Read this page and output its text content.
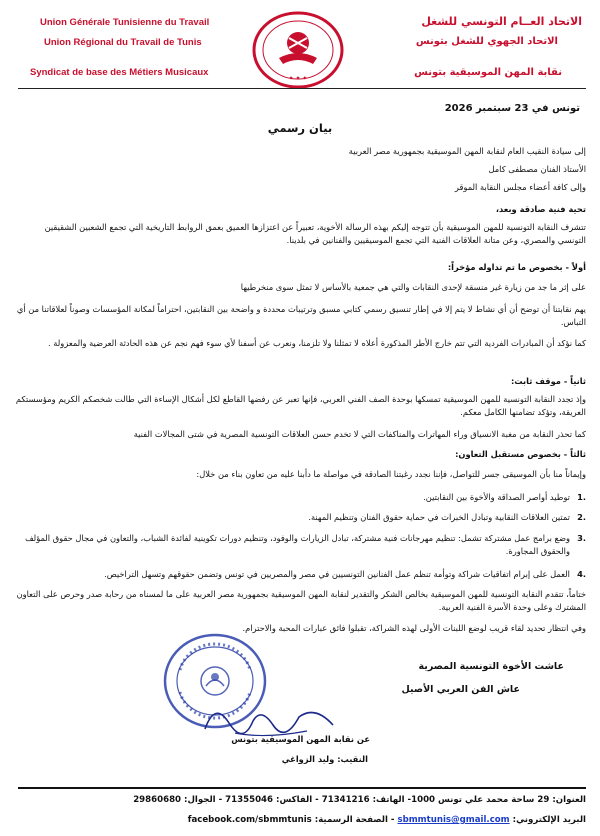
Union Générale Tunisienne du Travail
Union Régional du Travail de Tunis
Syndicat de base des Métiers Musicaux
الاتحاد العــام التونسي للشغل
الاتحاد الجهوي للشغل بتونس
نقابة المهن الموسيقية بتونس
✦ ✦ ✦
تونس في 23 سبتمبر 2026
بيان رسمي
إلى سيادة النقيب العام لنقابة المهن الموسيقية بجمهورية مصر العربية
الأستاذ الفنان مصطفى كامل
وإلى كافة أعضاء مجلس النقابة الموقر
تحية فنية صادقة وبعد،
تتشرف النقابة التونسية للمهن الموسيقية بأن تتوجه إليكم بهذه الرسالة الأخوية، تعبيراً عن اعتزازها العميق بعمق الروابط التاريخية التي تجمع الشعبين الشقيقين التونسي والمصري، وعن متانة العلاقات الفنية التي تجمع الموسيقيين والفنانين في بلدينا.
أولاً - بخصوص ما تم تداوله مؤخراً:
على إثر ما جد من زيارة غير منسقة لإحدى النقابات والتي هي جمعية بالأساس لا تمثل سوى منخرطيها
يهم نقابتنا أن توضح أن أي نشاط لا يتم إلا في إطار تنسيق رسمي كتابي مسبق وترتيبات محددة و واضحة بين النقابتين، احتراماً لمكانة المؤسسات وصوناً لعلاقاتنا من أي التباس.
كما نؤكد أن المبادرات الفردية التي تتم خارج الأطر المذكورة أعلاه لا تمثلنا ولا تلزمنا، ونعرب عن أسفنا لأي سوء فهم نجم عن هذه الحادثة العرضية والمعزولة .
ثانياً - موقف ثابت:
وإذ تجدد النقابة التونسية للمهن الموسيقية تمسكها بوحدة الصف الفني العربي، فإنها تعبر عن رفضها القاطع لكل أشكال الإساءة التي طالت شخصكم الكريم ومؤسستكم العريقة، وتؤكد تضامنها الكامل معكم.
كما تحذر النقابة من مغبة الانسياق وراء المهاترات والمناكفات التي لا تخدم حسن العلاقات التونسية المصرية في شتى المجالات الفنية
ثالثاً - بخصوص مستقبل التعاون:
وإيماناً منا بأن الموسيقى جسر للتواصل، فإننا نجدد رغبتنا الصادقة في مواصلة ما دأبنا عليه من تعاون بناء من خلال:
1.
توطيد أواصر الصداقة والأخوة بين النقابتين.
2.
تمتين العلاقات النقابية وتبادل الخبرات في حماية حقوق الفنان وتنظيم المهنة.
3.
وضع برامج عمل مشتركة تشمل: تنظيم مهرجانات فنية مشتركة، تبادل الزيارات والوفود، وتنظيم دورات تكوينية لفائدة الشباب، والتعاون في مجال حقوق المؤلف والحقوق المجاورة.
4.
العمل على إبرام اتفاقيات شراكة وتوأمة تنظم عمل الفنانين التونسيين في مصر والمصريين في تونس وتضمن حقوقهم وتسهل التراخيص.
ختاماً، تتقدم النقابة التونسية للمهن الموسيقية بخالص الشكر والتقدير لنقابة المهن الموسيقية بجمهورية مصر العربية على ما لمسناه من رحابة صدر وحرص على التعاون المشترك وعلى وحدة الأسرة الفنية العربية.
وفي انتظار تحديد لقاء قريب لوضع اللبنات الأولى لهذه الشراكة، تقبلوا فائق عبارات المحبة والاحترام.
عاشت الأخوة التونسية المصرية
عاش الفن العربي الأصيل
عن نقابة المهن الموسيقية بتونس
النقيب: وليد الزواغي
العنوان: 29 ساحة محمد علي تونس 1000- الهاتف: 71341216 - الفاكس: 71355046 - الجوال: 29860680
البريد الإلكتروني: sbmmtunis@gmail.com - الصفحة الرسمية: facebook.com/sbmmtunis
